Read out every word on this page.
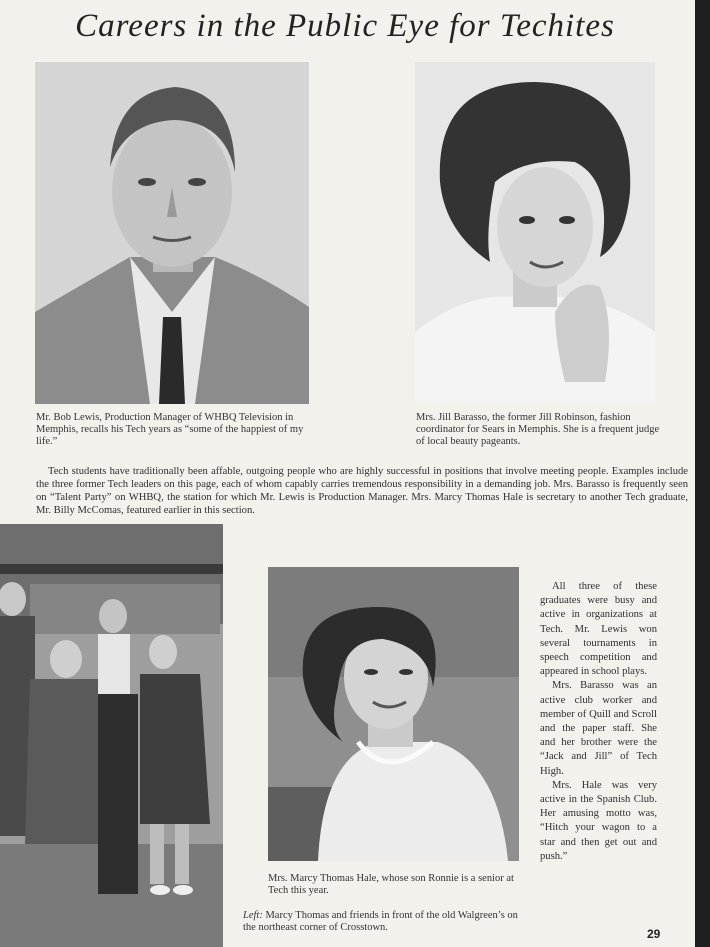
Careers in the Public Eye for Techites
Mr. Bob Lewis, Production Manager of WHBQ Television in Memphis, recalls his Tech years as “some of the happiest of my life.”
Mrs. Jill Barasso, the former Jill Robinson, fashion coordinator for Sears in Memphis. She is a frequent judge of local beauty pageants.
Tech students have traditionally been affable, outgoing people who are highly successful in positions that involve meeting people. Examples include the three former Tech leaders on this page, each of whom capably carries tremendous responsibility in a demanding job. Mrs. Barasso is frequently seen on “Talent Party” on WHBQ, the station for which Mr. Lewis is Production Manager. Mrs. Marcy Thomas Hale is secretary to another Tech graduate, Mr. Billy McComas, featured earlier in this section.
Mrs. Marcy Thomas Hale, whose son Ronnie is a senior at Tech this year.
Left: Marcy Thomas and friends in front of the old Walgreen’s on the northeast corner of Crosstown.

All three of these graduates were busy and active in organizations at Tech. Mr. Lewis won several tournaments in speech competition and appeared in school plays.

Mrs. Barasso was an active club worker and member of Quill and Scroll and the paper staff. She and her brother were the “Jack and Jill” of Tech High.

Mrs. Hale was very active in the Spanish Club. Her amusing motto was, “Hitch your wagon to a star and then get out and push.”

29
